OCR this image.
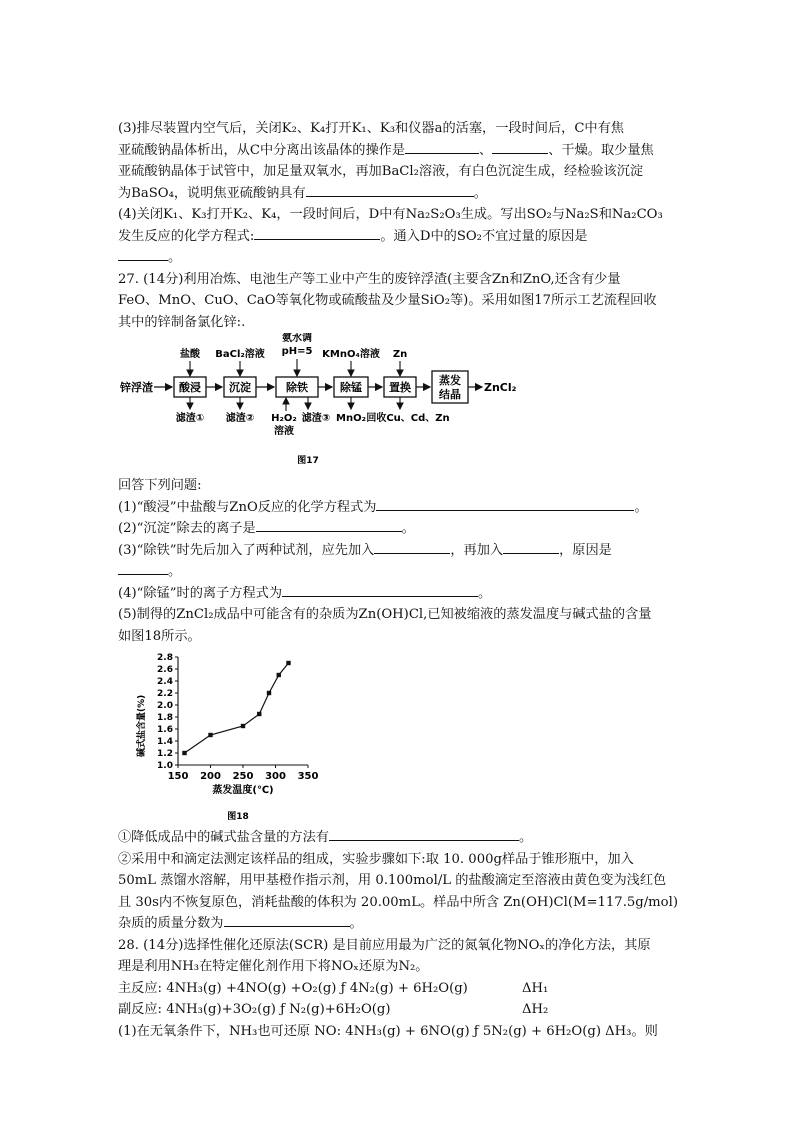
(3)排尽装置内空气后，关闭K₂、K₄打开K₁、K₃和仪器a的活塞，一段时间后，C中有焦
亚硫酸钠晶体析出，从C中分离出该晶体的操作是	、	、干燥。取少量焦
亚硫酸钠晶体于试管中，加足量双氧水，再加BaCl₂溶液，有白色沉淀生成，经检验该沉淀
为BaSO₄，说明焦亚硫酸钠具有	。
(4)关闭K₁、K₃打开K₂、K₄，一段时间后，D中有Na₂S₂O₃生成。写出SO₂与Na₂S和Na₂CO₃
发生反应的化学方程式:	。通入D中的SO₂不宜过量的原因是
。
27. (14分)利用冶炼、电池生产等工业中产生的废锌浮渣(主要含Zn和ZnO,还含有少量
FeO、MnO、CuO、CaO等氧化物或硫酸盐及少量SiO₂等)。采用如图17所示工艺流程回收
其中的锌制备氯化锌:.
锌浮渣 酸浸	沉淀	除铁	除锰 置换
蒸发
结晶
ZnCl₂
盐酸 BaCl₂溶液
氨水调
pH=5 KMnO₄溶液 Zn
滤渣① 滤渣② H₂O₂
溶液
滤渣③ MnO₂ 回收Cu、Cd、Zn
图17
回答下列问题:
(1)“酸浸”中盐酸与ZnO反应的化学方程式为	。
(2)“沉淀”除去的离子是	。
(3)“除铁”时先后加入了两种试剂，应先加入	，再加入	，原因是
。
(4)“除锰”时的离子方程式为	。
(5)制得的ZnCl₂成品中可能含有的杂质为Zn(OH)Cl,已知被缩液的蒸发温度与碱式盐的含量
如图18所示。
1.0
1.2
1.4
1.6
1.8
2.0
2.2
2.4
2.6
2.8
150 200 250 300 350
碱式盐含量(%)
蒸发温度(℃)
图18
①降低成品中的碱式盐含量的方法有	。
②采用中和滴定法测定该样品的组成，实验步骤如下:取 10. 000g样品于锥形瓶中，加入
50mL 蒸馏水溶解，用甲基橙作指示剂，用 0.100mol/L 的盐酸滴定至溶液由黄色变为浅红色
且 30s内不恢复原色，消耗盐酸的体积为 20.00mL。样品中所含 Zn(OH)Cl(M=117.5g/mol)
杂质的质量分数为	。
28. (14分)选择性催化还原法(SCR) 是目前应用最为广泛的氮氧化物NOₓ的净化方法，其原
理是利用NH₃在特定催化剂作用下将NOₓ还原为N₂。
主反应: 4NH₃(g) +4NO(g) +O₂(g) ƒ 4N₂(g) + 6H₂O(g)	ΔH₁
副反应: 4NH₃(g)+3O₂(g) ƒ N₂(g)+6H₂O(g)	ΔH₂
(1)在无氧条件下，NH₃也可还原 NO: 4NH₃(g) + 6NO(g) ƒ 5N₂(g) + 6H₂O(g) ΔH₃。则
